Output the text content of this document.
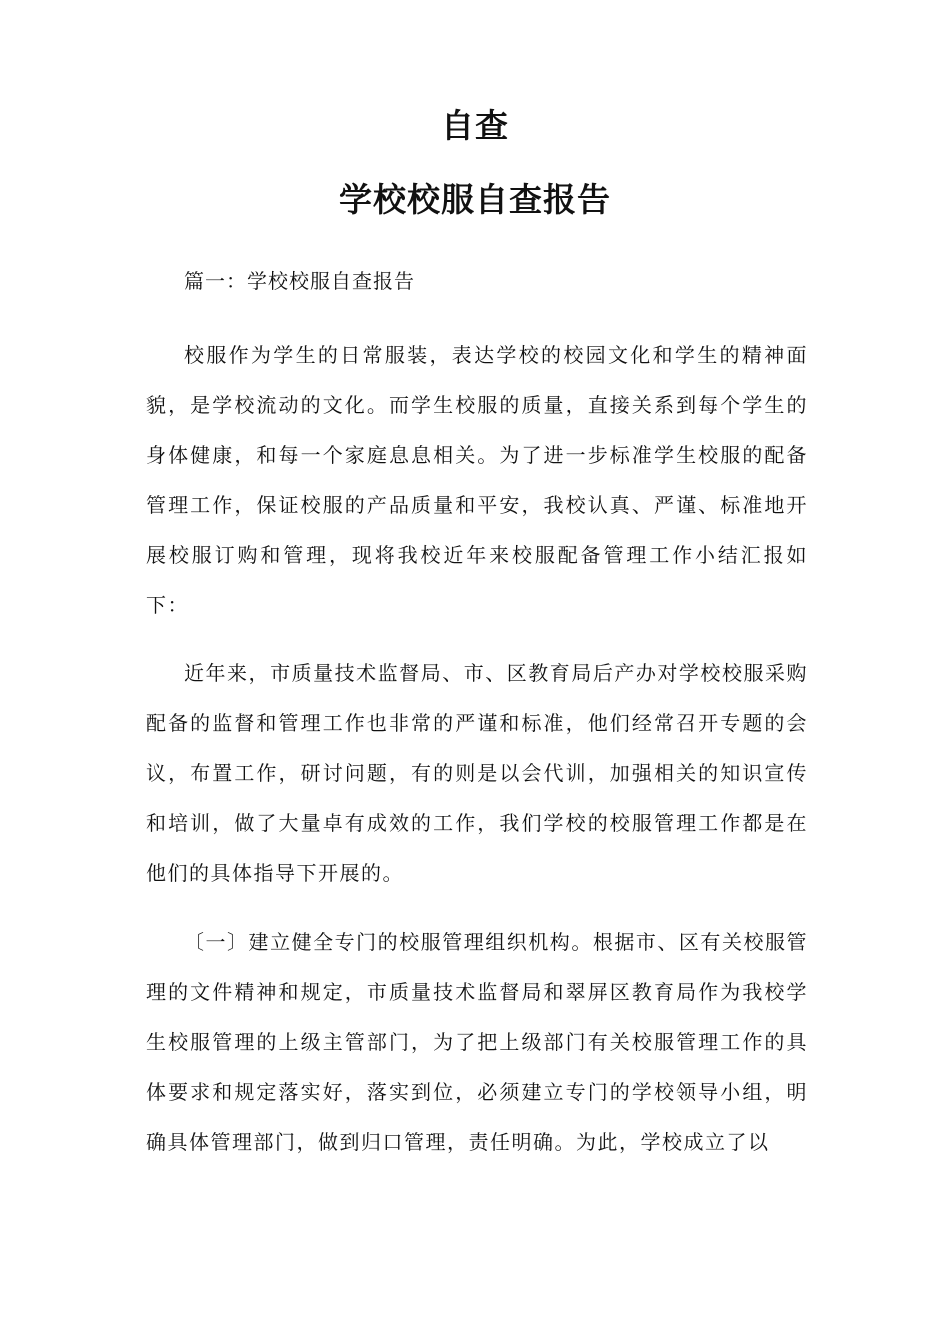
自查
学校校服自查报告
篇一：学校校服自查报告

校服作为学生的日常服装，表达学校的校园文化和学生的精神面貌，是学校流动的文化。而学生校服的质量，直接关系到每个学生的身体健康，和每一个家庭息息相关。为了进一步标准学生校服的配备管理工作，保证校服的产品质量和平安，我校认真、严谨、标准地开展校服订购和管理，现将我校近年来校服配备管理工作小结汇报如下：

近年来，市质量技术监督局、市、区教育局后产办对学校校服采购配备的监督和管理工作也非常的严谨和标准，他们经常召开专题的会议，布置工作，研讨问题，有的则是以会代训，加强相关的知识宣传和培训，做了大量卓有成效的工作，我们学校的校服管理工作都是在他们的具体指导下开展的。

〔一〕建立健全专门的校服管理组织机构。根据市、区有关校服管理的文件精神和规定，市质量技术监督局和翠屏区教育局作为我校学生校服管理的上级主管部门，为了把上级部门有关校服管理工作的具体要求和规定落实好，落实到位，必须建立专门的学校领导小组，明确具体管理部门，做到归口管理，责任明确。为此，学校成立了以
